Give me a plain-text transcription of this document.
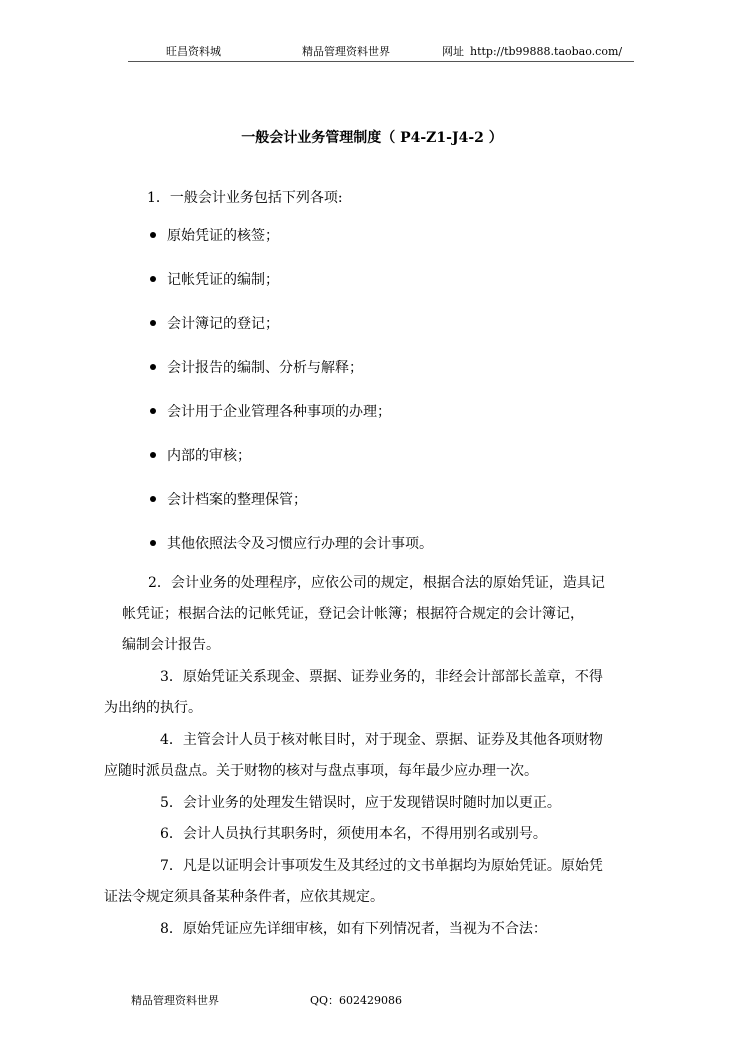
旺昌资料城	精品管理资料世界	网址 http://tb99888.taobao.com/
一般会计业务管理制度（ P4-Z1-J4-2 ）
1．一般会计业务包括下列各项:
原始凭证的核签；
记帐凭证的编制；
会计簿记的登记；
会计报告的编制、分析与解释；
会计用于企业管理各种事项的办理；
内部的审核；
会计档案的整理保管；
其他依照法令及习惯应行办理的会计事项。
2．会计业务的处理程序，应依公司的规定，根据合法的原始凭证，造具记
帐凭证；根据合法的记帐凭证，登记会计帐簿；根据符合规定的会计簿记，
编制会计报告。
3．原始凭证关系现金、票据、证券业务的，非经会计部部长盖章，不得
为出纳的执行。
4．主管会计人员于核对帐目时，对于现金、票据、证券及其他各项财物
应随时派员盘点。关于财物的核对与盘点事项，每年最少应办理一次。
5．会计业务的处理发生错误时，应于发现错误时随时加以更正。
6．会计人员执行其职务时，须使用本名，不得用别名或别号。
7．凡是以证明会计事项发生及其经过的文书单据均为原始凭证。原始凭
证法令规定须具备某种条件者，应依其规定。
8．原始凭证应先详细审核，如有下列情况者，当视为不合法：
精品管理资料世界	QQ：602429086
